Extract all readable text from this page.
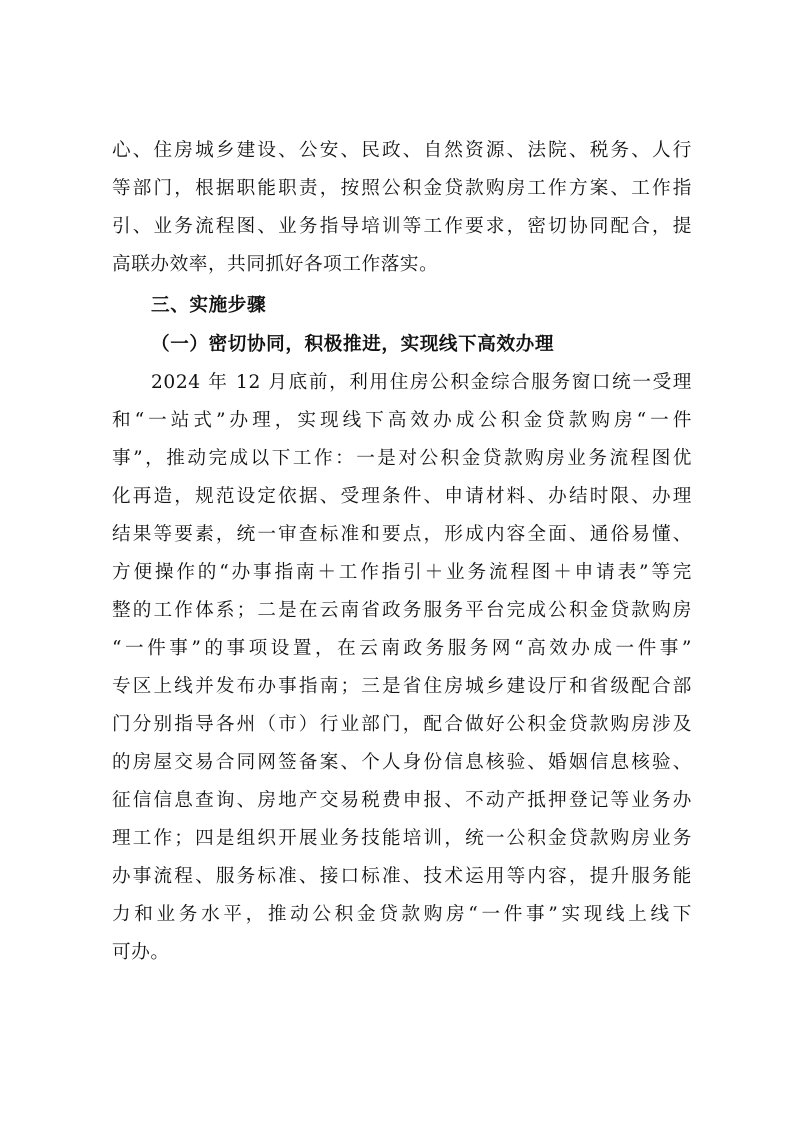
心、住房城乡建设、公安、民政、自然资源、法院、税务、人行
等部门，根据职能职责，按照公积金贷款购房工作方案、工作指
引、业务流程图、业务指导培训等工作要求，密切协同配合，提
高联办效率，共同抓好各项工作落实。
三、实施步骤
（一）密切协同，积极推进，实现线下高效办理
2024 年 12 月底前，利用住房公积金综合服务窗口统一受理
和“一站式”办理，实现线下高效办成公积金贷款购房“一件
事”，推动完成以下工作：一是对公积金贷款购房业务流程图优
化再造，规范设定依据、受理条件、申请材料、办结时限、办理
结果等要素，统一审查标准和要点，形成内容全面、通俗易懂、
方便操作的“办事指南＋工作指引＋业务流程图＋申请表”等完
整的工作体系；二是在云南省政务服务平台完成公积金贷款购房
“一件事”的事项设置，在云南政务服务网“高效办成一件事”
专区上线并发布办事指南；三是省住房城乡建设厅和省级配合部
门分别指导各州（市）行业部门，配合做好公积金贷款购房涉及
的房屋交易合同网签备案、个人身份信息核验、婚姻信息核验、
征信信息查询、房地产交易税费申报、不动产抵押登记等业务办
理工作；四是组织开展业务技能培训，统一公积金贷款购房业务
办事流程、服务标准、接口标准、技术运用等内容，提升服务能
力和业务水平，推动公积金贷款购房“一件事”实现线上线下
可办。
